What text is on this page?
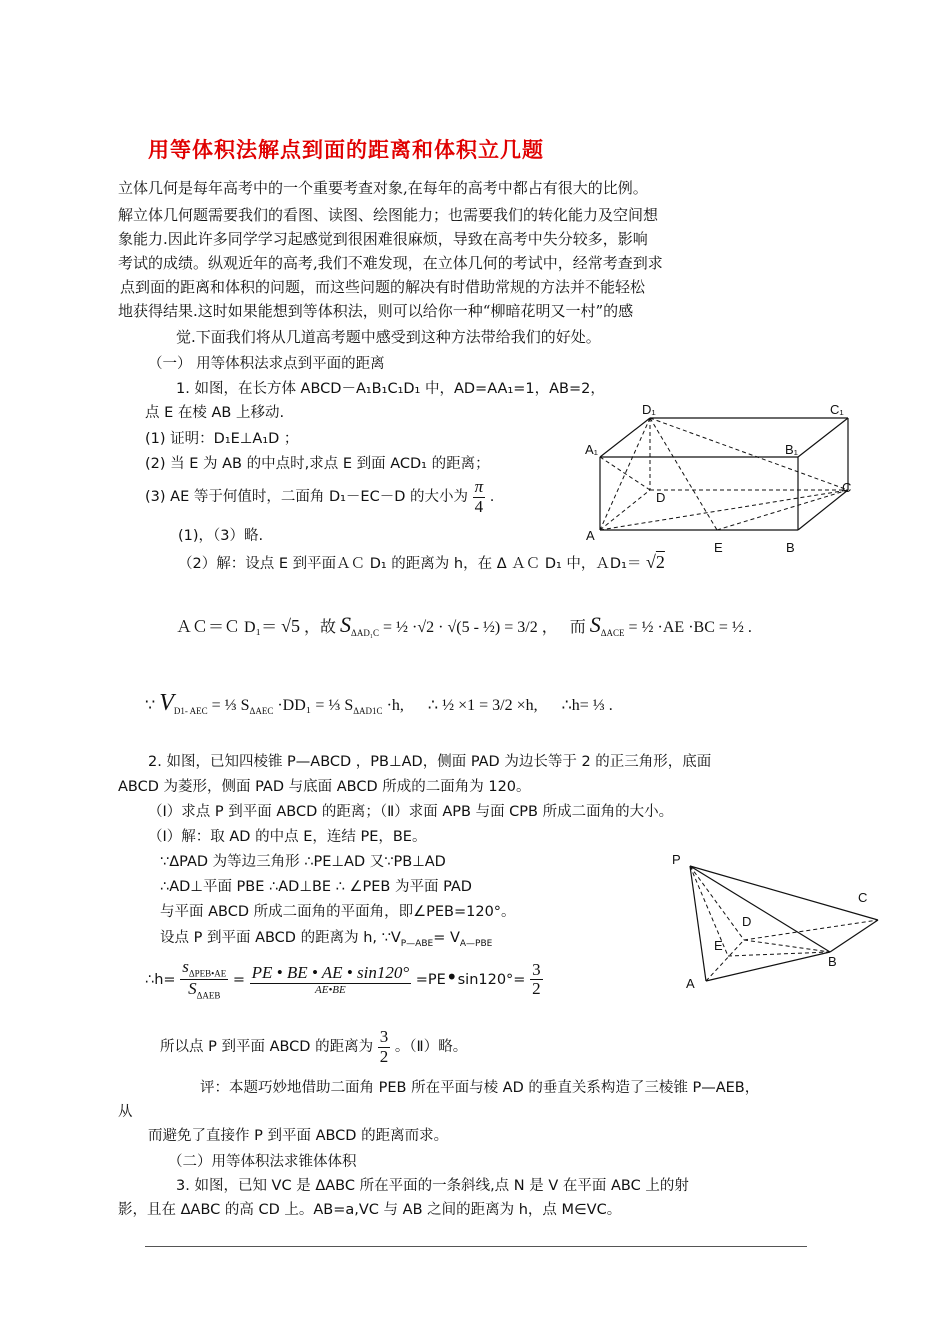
用等体积法解点到面的距离和体积立几题
立体几何是每年高考中的一个重要考查对象,在每年的高考中都占有很大的比例。
解立体几何题需要我们的看图、读图、绘图能力；也需要我们的转化能力及空间想
象能力.因此许多同学学习起感觉到很困难很麻烦，导致在高考中失分较多，影响
考试的成绩。纵观近年的高考,我们不难发现，在立体几何的考试中，经常考查到求
点到面的距离和体积的问题，而这些问题的解决有时借助常规的方法并不能轻松
地获得结果.这时如果能想到等体积法，则可以给你一种“柳暗花明又一村”的感
觉.下面我们将从几道高考题中感受到这种方法带给我们的好处。
（一） 用等体积法求点到平面的距离
1. 如图，在长方体 ABCD－A₁B₁C₁D₁ 中，AD=AA₁=1，AB=2，
点 E 在棱 AB 上移动.
(1) 证明：D₁E⊥A₁D ；
(2) 当 E 为 AB 的中点时,求点 E 到面 ACD₁ 的距离；
(3) AE 等于何值时，二面角 D₁－EC－D 的大小为 $\frac{\pi}{4}$ .
(1)，（3）略.
（2）解：设点 E 到平面ＡＣ D₁ 的距离为 h，在 Δ ＡＣ D₁ 中，ＡD₁＝ √2
ＡＣ＝Ｃ D₁＝ √5 ，故 $S_{\Delta AD_1C}$ = ½ ·√2 · √(5 - ½) = 3/2 ， 而 $S_{\Delta ACE}$ = ½ ·AE ·BC = ½ .
∵ $V_{D1- AEC}$ = ⅓ $S_{\Delta AEC} \cdot DD_1$ = ⅓ $S_{\Delta AD1C} \cdot h$, ∴ ½ ×1 = 3/2 ×h, ∴h= ⅓ .
2. 如图，已知四棱锥 P—ABCD ，PB⊥AD，侧面 PAD 为边长等于 2 的正三角形，底面
ABCD 为菱形，侧面 PAD 与底面 ABCD 所成的二面角为 120。
（Ⅰ）求点 P 到平面 ABCD 的距离；（Ⅱ）求面 APB 与面 CPB 所成二面角的大小。
（Ⅰ）解：取 AD 的中点 E，连结 PE，BE。
∵ΔPAD 为等边三角形 ∴PE⊥AD 又∵PB⊥AD
∴AD⊥平面 PBE ∴AD⊥BE ∴ ∠PEB 为平面 PAD
与平面 ABCD 所成二面角的平面角，即∠PEB=120°。
设点 P 到平面 ABCD 的距离为 h, $\because V_{P—ABE}= V_{A—PBE}$
∴h= $\frac{s_{\Delta PEB•AE}}{S_{\Delta AEB}} = \frac{PE • BE • AE • \sin 120^\circ}{AE•BE}$ =PE•sin120°= $\frac{3}{2}$
所以点 P 到平面 ABCD 的距离为 $\frac{3}{2}$ 。（Ⅱ）略。
评：本题巧妙地借助二面角 PEB 所在平面与棱 AD 的垂直关系构造了三棱锥 P—AEB，
从
而避免了直接作 P 到平面 ABCD 的距离而求。
（二）用等体积法求锥体体积
3. 如图，已知 VC 是 ΔABC 所在平面的一条斜线,点 N 是 V 在平面 ABC 上的射
影，且在 ΔABC 的高 CD 上。AB=a,VC 与 AB 之间的距离为 h，点 M∈VC。
D₁	C₁
A₁	B₁
D
C
A
E	B
P
C
D
E
B
A
